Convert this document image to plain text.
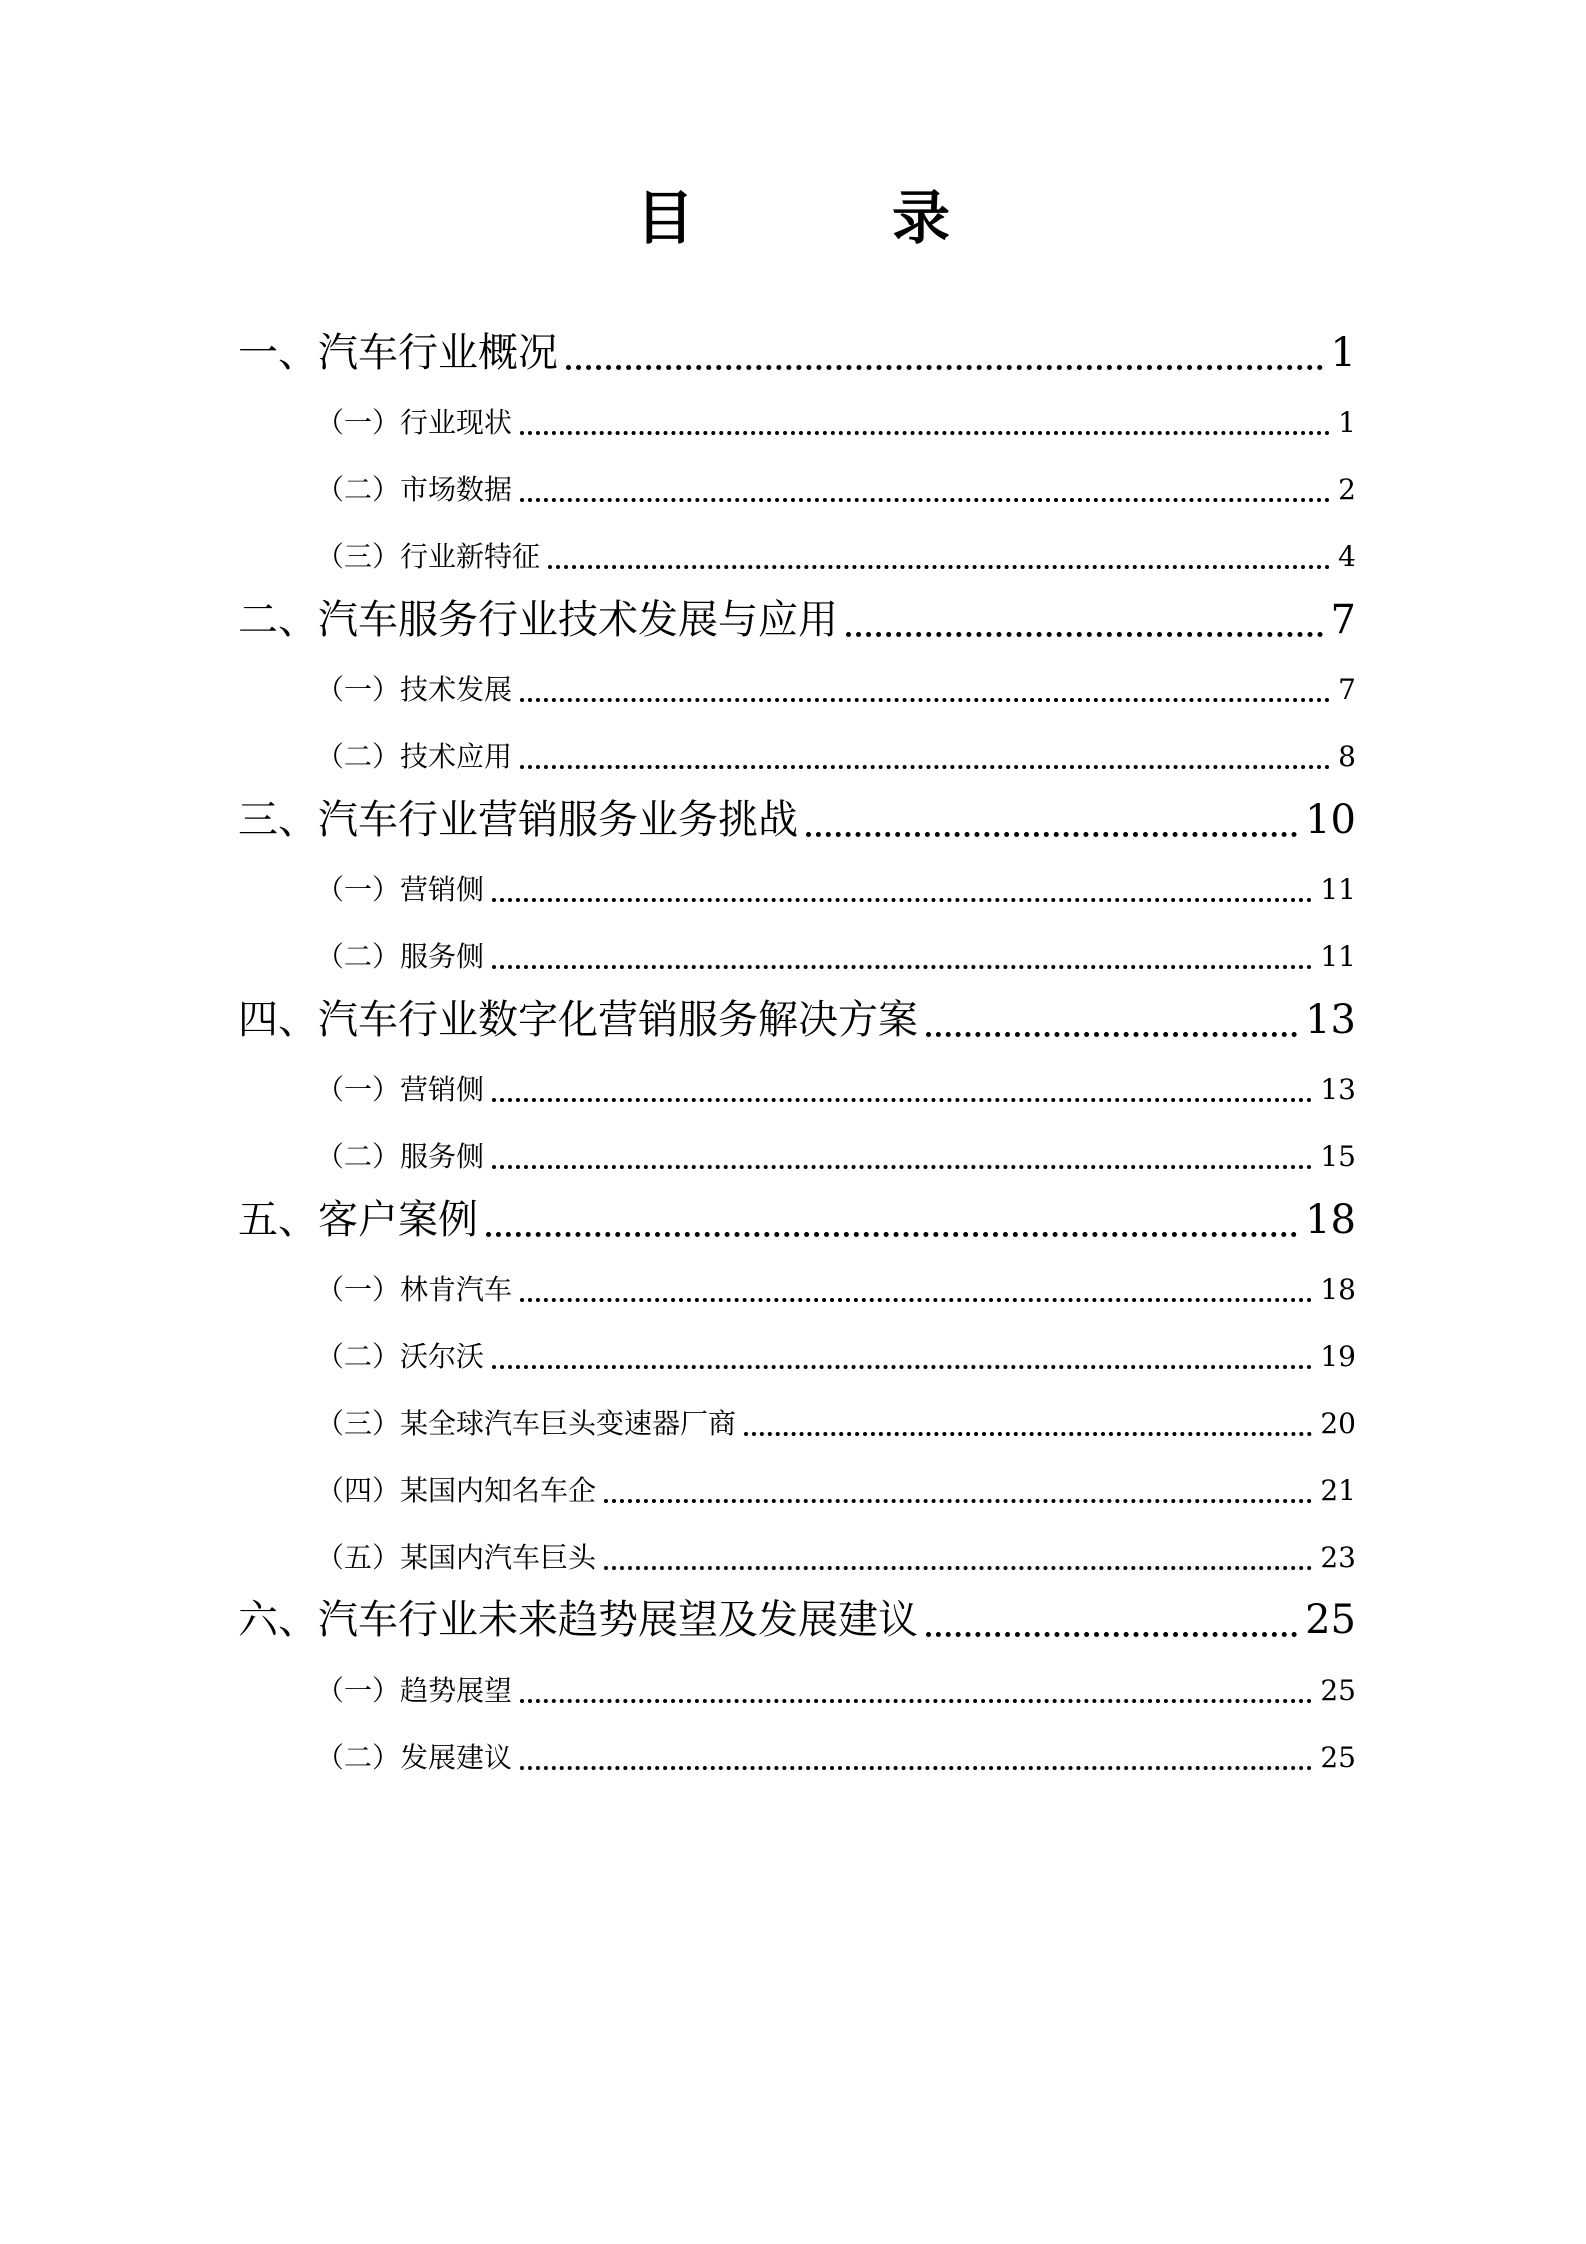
目　录
一、汽车行业概况	1
（一）行业现状	1
（二）市场数据	2
（三）行业新特征	4
二、汽车服务行业技术发展与应用	7
（一）技术发展	7
（二）技术应用	8
三、汽车行业营销服务业务挑战	10
（一）营销侧	11
（二）服务侧	11
四、汽车行业数字化营销服务解决方案	13
（一）营销侧	13
（二）服务侧	15
五、客户案例	18
（一）林肯汽车	18
（二）沃尔沃	19
（三）某全球汽车巨头变速器厂商	20
（四）某国内知名车企	21
（五）某国内汽车巨头	23
六、汽车行业未来趋势展望及发展建议	25
（一）趋势展望	25
（二）发展建议	25
